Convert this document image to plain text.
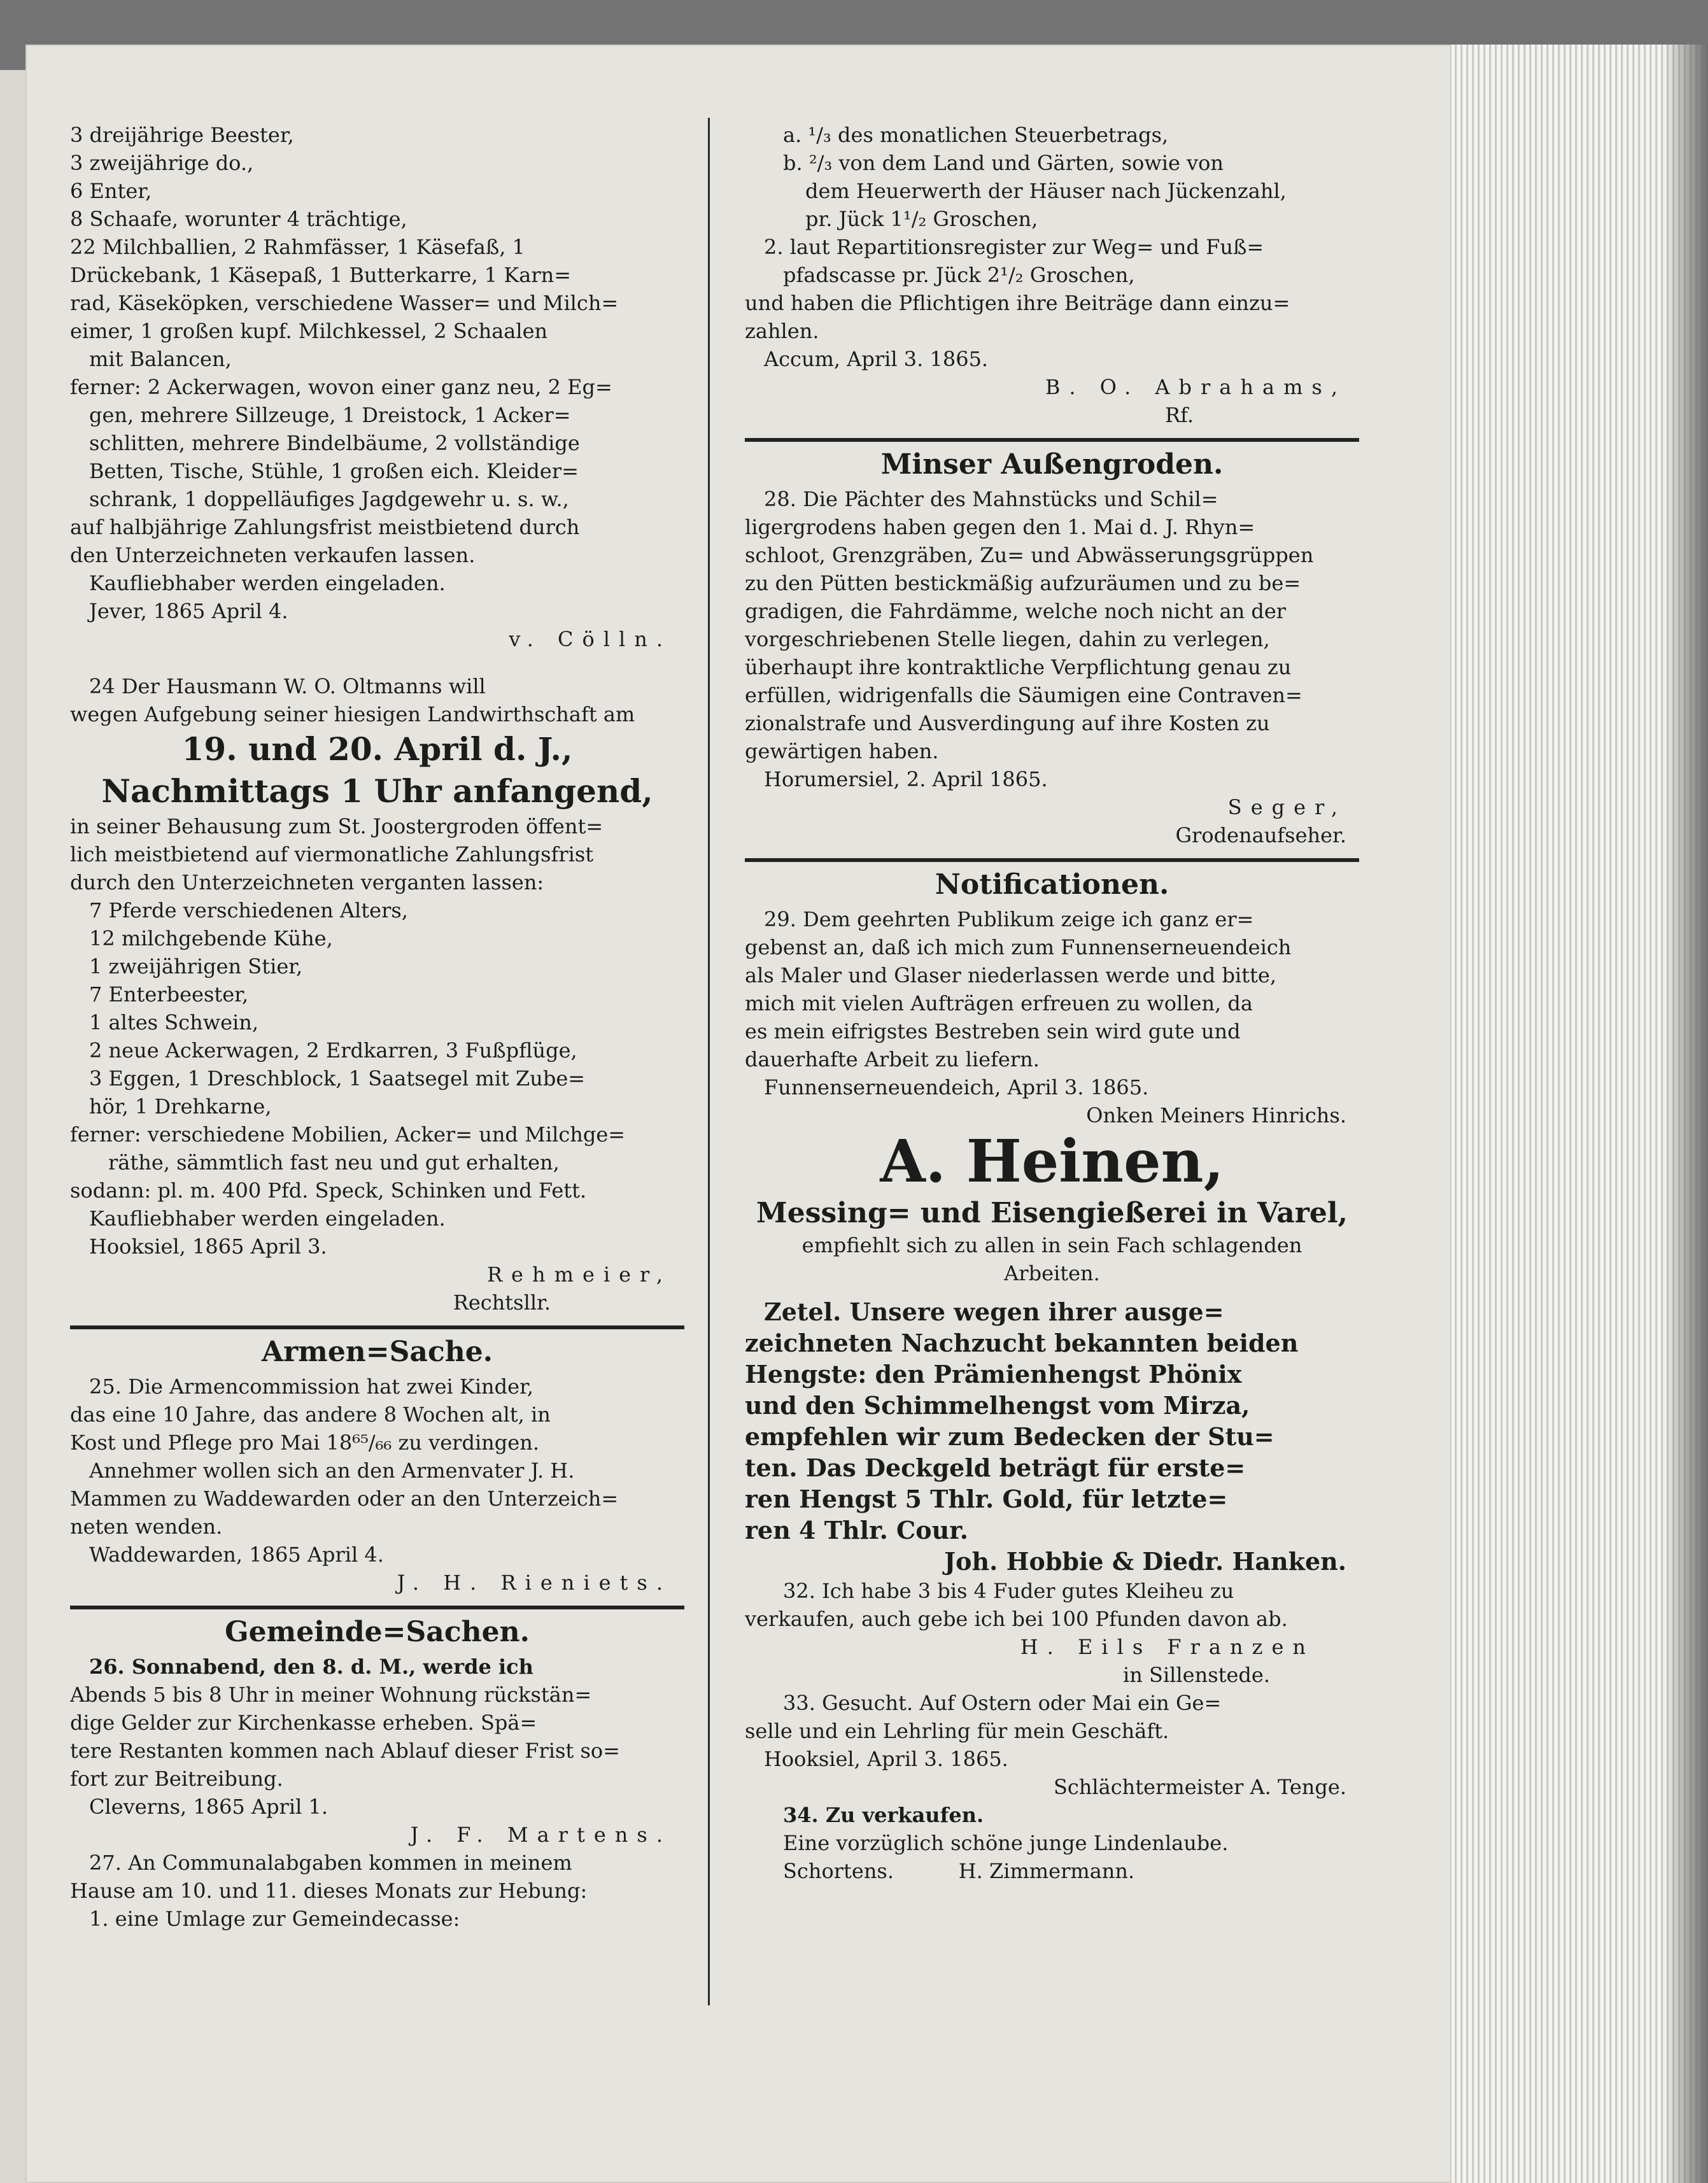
3 dreijährige Beester,
3 zweijährige do.,
6 Enter,
8 Schaafe, worunter 4 trächtige,
22 Milchballien, 2 Rahmfässer, 1 Käsefaß, 1
Drückebank, 1 Käsepaß, 1 Butterkarre, 1 Karn=
rad, Käseköpken, verschiedene Wasser= und Milch=
eimer, 1 großen kupf. Milchkessel, 2 Schaalen
mit Balancen,
ferner: 2 Ackerwagen, wovon einer ganz neu, 2 Eg=
gen, mehrere Sillzeuge, 1 Dreistock, 1 Acker=
schlitten, mehrere Bindelbäume, 2 vollständige
Betten, Tische, Stühle, 1 großen eich. Kleider=
schrank, 1 doppelläufiges Jagdgewehr u. s. w.,
auf halbjährige Zahlungsfrist meistbietend durch
den Unterzeichneten verkaufen lassen.
Kaufliebhaber werden eingeladen.
Jever, 1865 April 4.
v. Cölln.
24 Der Hausmann W. O. Oltmanns will
wegen Aufgebung seiner hiesigen Landwirthschaft am
19. und 20. April d. J.,
Nachmittags 1 Uhr anfangend,
in seiner Behausung zum St. Joostergroden öffent=
lich meistbietend auf viermonatliche Zahlungsfrist
durch den Unterzeichneten verganten lassen:
7 Pferde verschiedenen Alters,
12 milchgebende Kühe,
1 zweijährigen Stier,
7 Enterbeester,
1 altes Schwein,
2 neue Ackerwagen, 2 Erdkarren, 3 Fußpflüge,
3 Eggen, 1 Dreschblock, 1 Saatsegel mit Zube=
hör, 1 Drehkarne,
ferner: verschiedene Mobilien, Acker= und Milchge=
räthe, sämmtlich fast neu und gut erhalten,
sodann: pl. m. 400 Pfd. Speck, Schinken und Fett.
Kaufliebhaber werden eingeladen.
Hooksiel, 1865 April 3.
Rehmeier,
Rechtsllr.
Armen=Sache.
25. Die Armencommission hat zwei Kinder,
das eine 10 Jahre, das andere 8 Wochen alt, in
Kost und Pflege pro Mai 18⁶⁵/₆₆ zu verdingen.
Annehmer wollen sich an den Armenvater J. H.
Mammen zu Waddewarden oder an den Unterzeich=
neten wenden.
Waddewarden, 1865 April 4.
J. H. Rieniets.
Gemeinde=Sachen.
26. Sonnabend, den 8. d. M., werde ich
Abends 5 bis 8 Uhr in meiner Wohnung rückstän=
dige Gelder zur Kirchenkasse erheben. Spä=
tere Restanten kommen nach Ablauf dieser Frist so=
fort zur Beitreibung.
Cleverns, 1865 April 1.
J. F. Martens.
27. An Communalabgaben kommen in meinem
Hause am 10. und 11. dieses Monats zur Hebung:
1. eine Umlage zur Gemeindecasse:
a. ¹/₃ des monatlichen Steuerbetrags,
b. ²/₃ von dem Land und Gärten, sowie von
dem Heuerwerth der Häuser nach Jückenzahl,
pr. Jück 1¹/₂ Groschen,
2. laut Repartitionsregister zur Weg= und Fuß=
pfadscasse pr. Jück 2¹/₂ Groschen,
und haben die Pflichtigen ihre Beiträge dann einzu=
zahlen.
Accum, April 3. 1865.
B. O. Abrahams,
Rf.
Minser Außengroden.
28. Die Pächter des Mahnstücks und Schil=
ligergrodens haben gegen den 1. Mai d. J. Rhyn=
schloot, Grenzgräben, Zu= und Abwässerungsgrüppen
zu den Pütten bestickmäßig aufzuräumen und zu be=
gradigen, die Fahrdämme, welche noch nicht an der
vorgeschriebenen Stelle liegen, dahin zu verlegen,
überhaupt ihre kontraktliche Verpflichtung genau zu
erfüllen, widrigenfalls die Säumigen eine Contraven=
zionalstrafe und Ausverdingung auf ihre Kosten zu
gewärtigen haben.
Horumersiel, 2. April 1865.
Seger,
Grodenaufseher.
Notificationen.
29. Dem geehrten Publikum zeige ich ganz er=
gebenst an, daß ich mich zum Funnenserneuendeich
als Maler und Glaser niederlassen werde und bitte,
mich mit vielen Aufträgen erfreuen zu wollen, da
es mein eifrigstes Bestreben sein wird gute und
dauerhafte Arbeit zu liefern.
Funnenserneuendeich, April 3. 1865.
Onken Meiners Hinrichs.
A. Heinen,
Messing= und Eisengießerei in Varel,
empfiehlt sich zu allen in sein Fach schlagenden
Arbeiten.
Zetel. Unsere wegen ihrer ausge=
zeichneten Nachzucht bekannten beiden
Hengste: den Prämienhengst Phönix
und den Schimmelhengst vom Mirza,
empfehlen wir zum Bedecken der Stu=
ten. Das Deckgeld beträgt für erste=
ren Hengst 5 Thlr. Gold, für letzte=
ren 4 Thlr. Cour.
Joh. Hobbie & Diedr. Hanken.
32. Ich habe 3 bis 4 Fuder gutes Kleiheu zu
verkaufen, auch gebe ich bei 100 Pfunden davon ab.
H. Eils Franzen
in Sillenstede.
33. Gesucht. Auf Ostern oder Mai ein Ge=
selle und ein Lehrling für mein Geschäft.
Hooksiel, April 3. 1865.
Schlächtermeister A. Tenge.
34. Zu verkaufen.
Eine vorzüglich schöne junge Lindenlaube.
Schortens.          H. Zimmermann.
